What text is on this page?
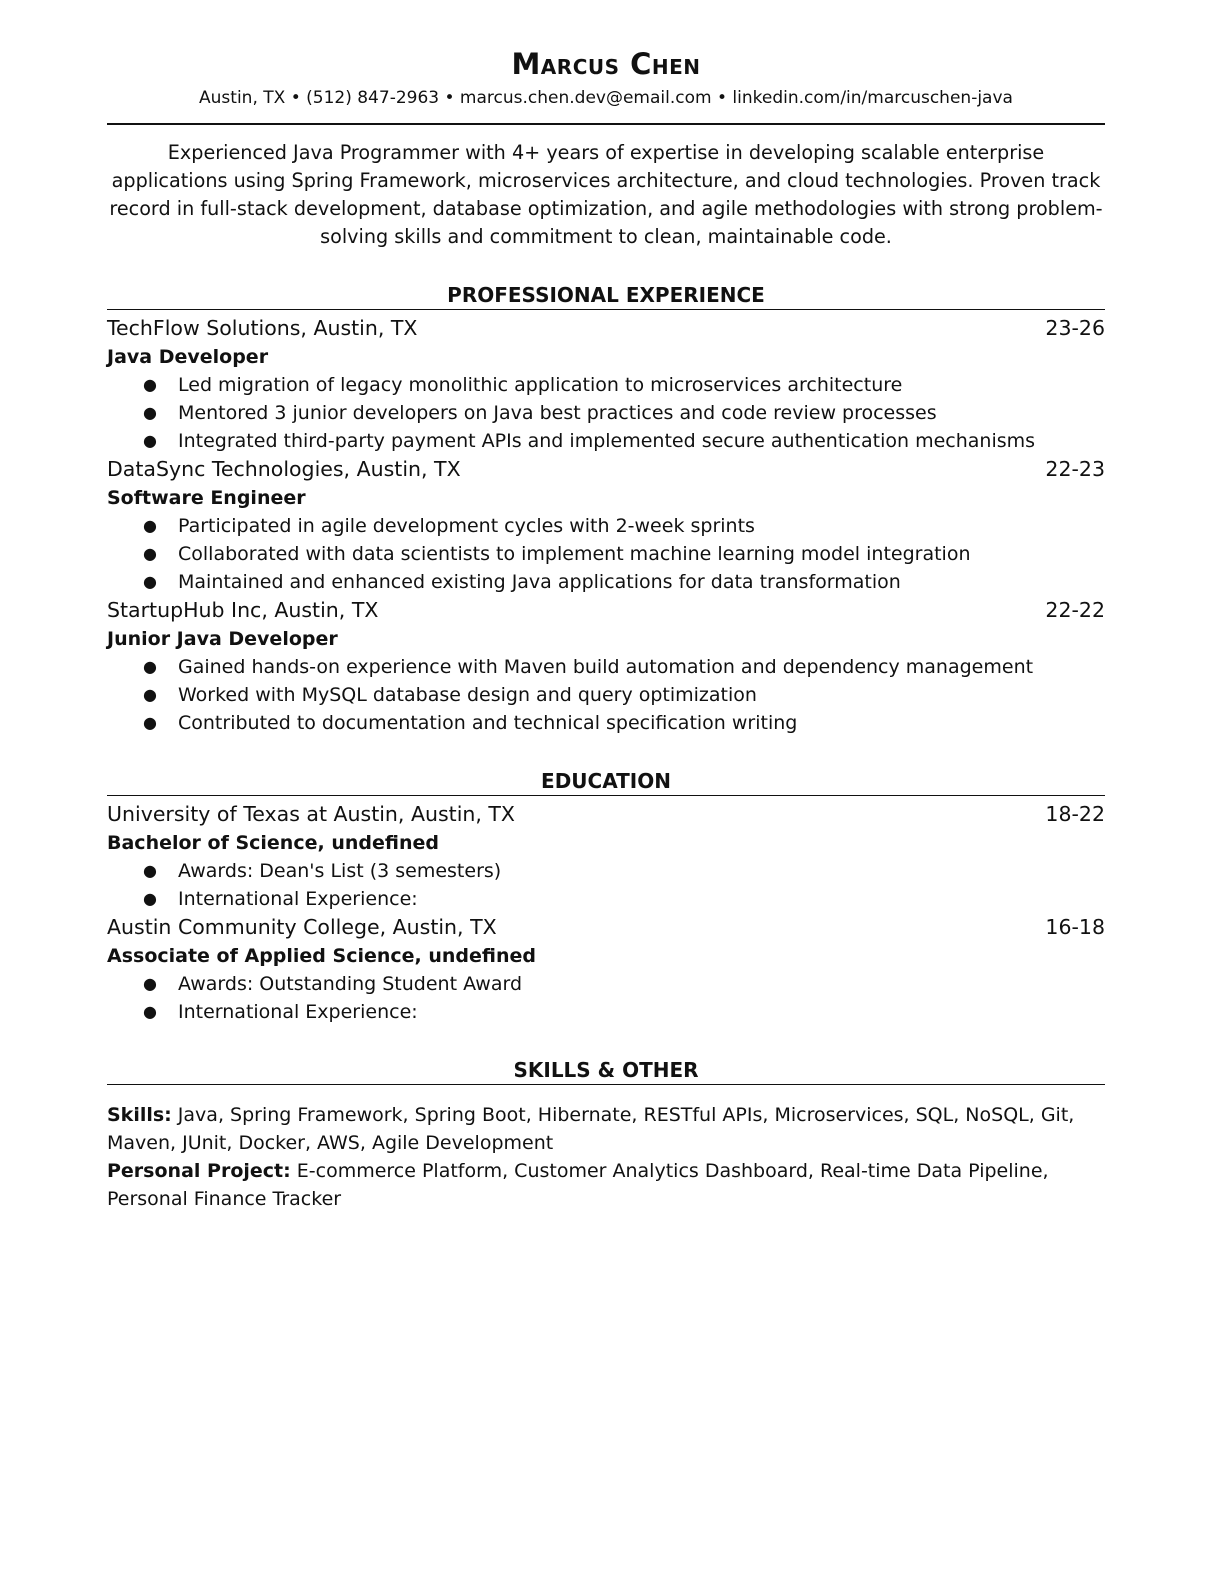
Marcus Chen
Austin, TX • (512) 847-2963 • marcus.chen.dev@email.com • linkedin.com/in/marcuschen-java
Experienced Java Programmer with 4+ years of expertise in developing scalable enterprise applications using Spring Framework, microservices architecture, and cloud technologies. Proven track record in full-stack development, database optimization, and agile methodologies with strong problem-solving skills and commitment to clean, maintainable code.
PROFESSIONAL EXPERIENCE
TechFlow Solutions, Austin, TX	23-26
Java Developer
● Led migration of legacy monolithic application to microservices architecture
● Mentored 3 junior developers on Java best practices and code review processes
● Integrated third-party payment APIs and implemented secure authentication mechanisms
DataSync Technologies, Austin, TX	22-23
Software Engineer
● Participated in agile development cycles with 2-week sprints
● Collaborated with data scientists to implement machine learning model integration
● Maintained and enhanced existing Java applications for data transformation
StartupHub Inc, Austin, TX	22-22
Junior Java Developer
● Gained hands-on experience with Maven build automation and dependency management
● Worked with MySQL database design and query optimization
● Contributed to documentation and technical specification writing
EDUCATION
University of Texas at Austin, Austin, TX	18-22
Bachelor of Science, undefined
● Awards: Dean's List (3 semesters)
● International Experience:
Austin Community College, Austin, TX	16-18
Associate of Applied Science, undefined
● Awards: Outstanding Student Award
● International Experience:
SKILLS & OTHER
Skills: Java, Spring Framework, Spring Boot, Hibernate, RESTful APIs, Microservices, SQL, NoSQL, Git, Maven, JUnit, Docker, AWS, Agile Development
Personal Project: E-commerce Platform, Customer Analytics Dashboard, Real-time Data Pipeline, Personal Finance Tracker
